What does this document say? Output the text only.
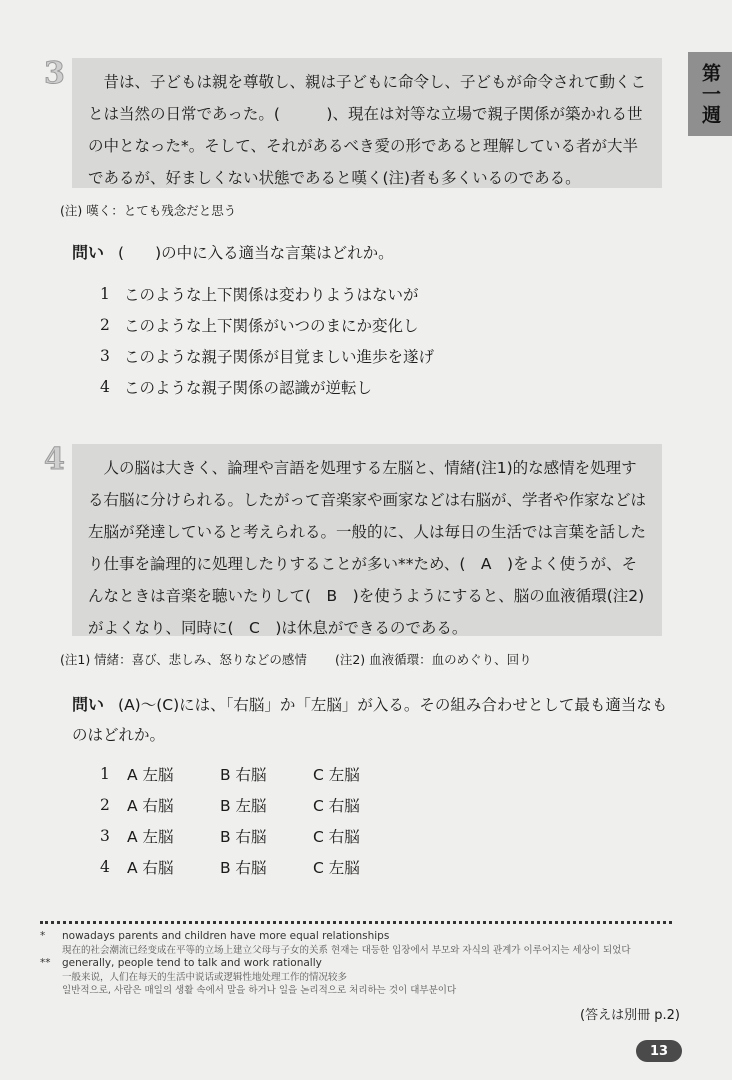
第一週
3	昔は、子どもは親を尊敬し、親は子どもに命令し、子どもが命令されて動くことは当然の日常であった。(　　　)、現在は対等な立場で親子関係が築かれる世の中となった*。そして、それがあるべき愛の形であると理解している者が大半であるが、好ましくない状態であると嘆く(注)者も多くいるのである。

(注) 嘆く：とても残念だと思う
問い (　　)の中に入る適当な言葉はどれか。
1 このような上下関係は変わりようはないが
2 このような上下関係がいつのまにか変化し
3 このような親子関係が目覚ましい進歩を遂げ
4 このような親子関係の認識が逆転し
4	人の脳は大きく、論理や言語を処理する左脳と、情緒(注1)的な感情を処理する右脳に分けられる。したがって音楽家や画家などは右脳が、学者や作家などは左脳が発達していると考えられる。一般的に、人は毎日の生活では言葉を話したり仕事を論理的に処理したりすることが多い**ため、(　A　)をよく使うが、そんなときは音楽を聴いたりして(　B　)を使うようにすると、脳の血液循環(注2)がよくなり、同時に(　C　)は休息ができるのである。

(注1) 情緒：喜び、悲しみ、怒りなどの感情 (注2) 血液循環：血のめぐり、回り
問い (A)〜(C)には、「右脳」か「左脳」が入る。その組み合わせとして最も適当なものはどれか。
1	A 左脳	B 右脳	C 左脳
2	A 右脳	B 左脳	C 右脳
3	A 左脳	B 右脳	C 右脳
4	A 右脳	B 右脳	C 左脳
*	nowadays parents and children have more equal relationships
現在的社会潮流已经变成在平等的立场上建立父母与子女的关系 현재는 대등한 입장에서 부모와 자식의 관계가 이루어지는 세상이 되었다
**	generally, people tend to talk and work rationally
一般来说，人们在每天的生活中说话或逻辑性地处理工作的情况较多
일반적으로, 사람은 매일의 생활 속에서 말을 하거나 일을 논리적으로 처리하는 것이 대부분이다
(答えは別冊 p.2)
13
